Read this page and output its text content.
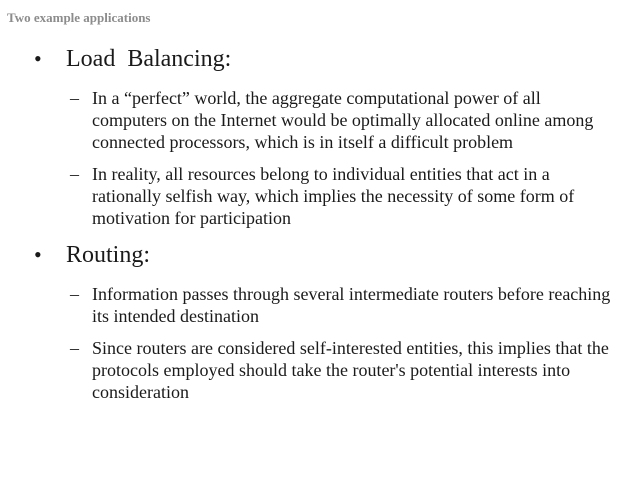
Two example applications
• Load  Balancing:
– In a “perfect” world, the aggregate computational power of all computers on the Internet would be optimally allocated online among connected processors, which is in itself a difficult problem
– In reality, all resources belong to individual entities that act in a rationally selfish way, which implies the necessity of some form of motivation for participation
• Routing:
– Information passes through several intermediate routers before reaching its intended destination
– Since routers are considered self-interested entities, this implies that the protocols employed should take the router's potential interests into consideration
